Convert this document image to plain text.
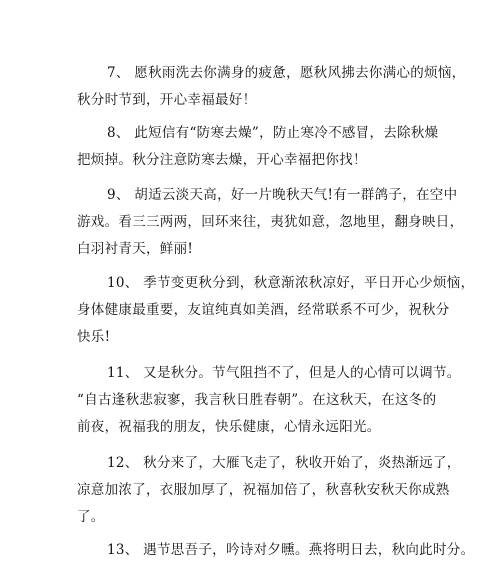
7、 愿秋雨洗去你满身的疲惫，愿秋风拂去你满心的烦恼，
秋分时节到，开心幸福最好！
8、 此短信有“防寒去燥”，防止寒冷不感冒，去除秋燥
把烦掉。秋分注意防寒去燥，开心幸福把你找！
9、 胡适云淡天高，好一片晚秋天气!有一群鸽子，在空中
游戏。看三三两两，回环来往，夷犹如意，忽地里，翻身映日，
白羽衬青天，鲜丽!
10、 季节变更秋分到，秋意渐浓秋凉好，平日开心少烦恼，
身体健康最重要，友谊纯真如美酒，经常联系不可少，祝秋分
快乐!
11、 又是秋分。节气阻挡不了，但是人的心情可以调节。
“自古逢秋悲寂寥，我言秋日胜春朝”。在这秋天，在这冬的
前夜，祝福我的朋友，快乐健康，心情永远阳光。
12、 秋分来了，大雁飞走了，秋收开始了，炎热渐远了，
凉意加浓了，衣服加厚了，祝福加倍了，秋喜秋安秋天你成熟
了。
13、 遇节思吾子，吟诗对夕曛。燕将明日去，秋向此时分。
